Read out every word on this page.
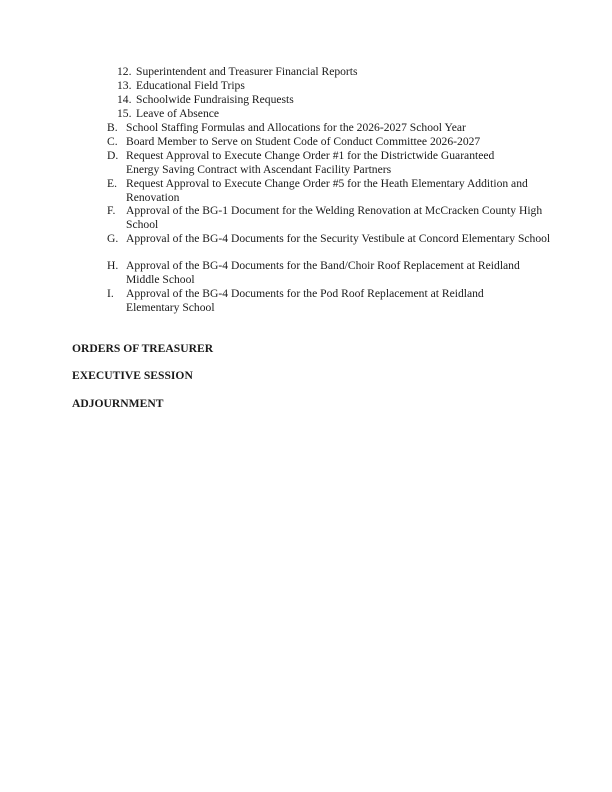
12. Superintendent and Treasurer Financial Reports
13. Educational Field Trips
14. Schoolwide Fundraising Requests
15. Leave of Absence
B. School Staffing Formulas and Allocations for the 2026-2027 School Year
C. Board Member to Serve on Student Code of Conduct Committee 2026-2027
D. Request Approval to Execute Change Order #1 for the Districtwide Guaranteed Energy Saving Contract with Ascendant Facility Partners
E. Request Approval to Execute Change Order #5 for the Heath Elementary Addition and Renovation
F. Approval of the BG-1 Document for the Welding Renovation at McCracken County High School
G. Approval of the BG-4 Documents for the Security Vestibule at Concord Elementary School
H. Approval of the BG-4 Documents for the Band/Choir Roof Replacement at Reidland Middle School
I. Approval of the BG-4 Documents for the Pod Roof Replacement at Reidland Elementary School
ORDERS OF TREASURER
EXECUTIVE SESSION
ADJOURNMENT
